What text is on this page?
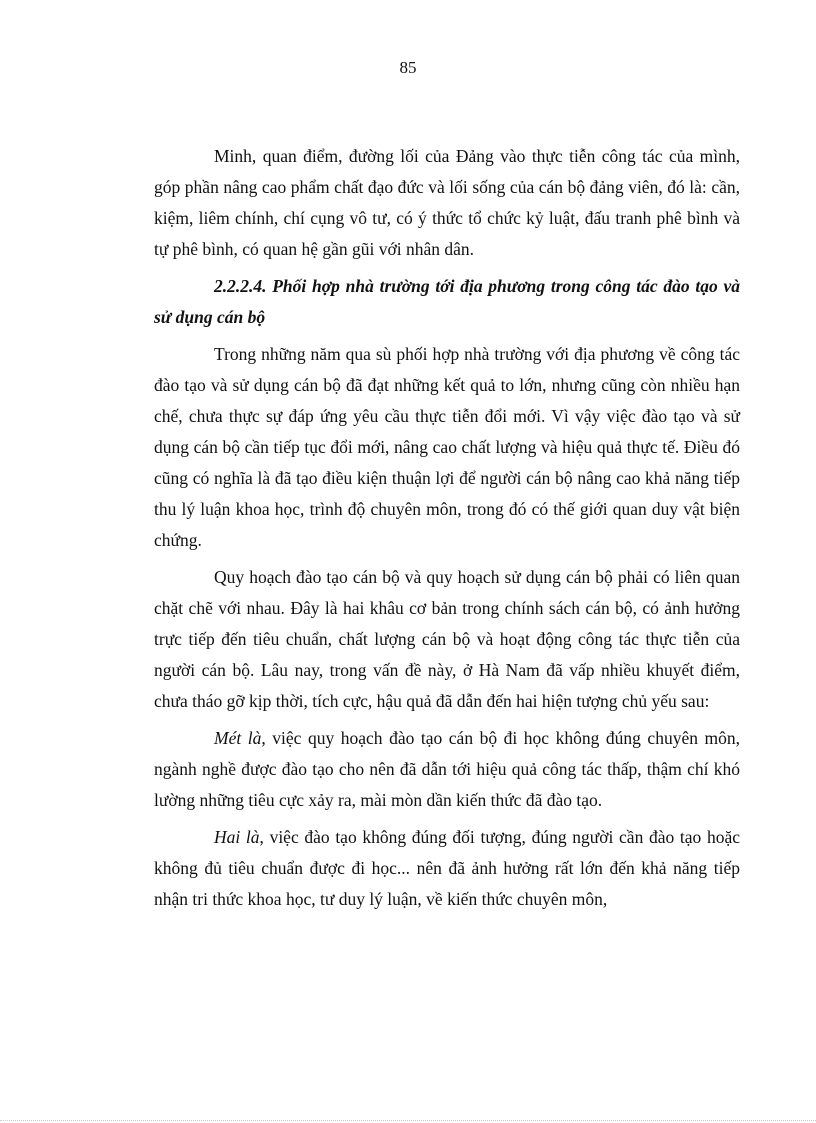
85

Minh, quan điểm, đường lối của Đảng vào thực tiễn công tác của mình, góp phần nâng cao phẩm chất đạo đức và lối sống của cán bộ đảng viên, đó là: cần, kiệm, liêm chính, chí cụng vô tư, có ý thức tổ chức kỷ luật, đấu tranh phê bình và tự phê bình, có quan hệ gần gũi với nhân dân.

2.2.2.4. Phối hợp nhà trường tới địa phương trong công tác đào tạo và sử dụng cán bộ

Trong những năm qua sù phối hợp nhà trường với địa phương về công tác đào tạo và sử dụng cán bộ đã đạt những kết quả to lớn, nhưng cũng còn nhiều hạn chế, chưa thực sự đáp ứng yêu cầu thực tiễn đổi mới. Vì vậy việc đào tạo và sử dụng cán bộ cần tiếp tục đổi mới, nâng cao chất lượng và hiệu quả thực tế. Điều đó cũng có nghĩa là đã tạo điều kiện thuận lợi để người cán bộ nâng cao khả năng tiếp thu lý luận khoa học, trình độ chuyên môn, trong đó có thế giới quan duy vật biện chứng.

Quy hoạch đào tạo cán bộ và quy hoạch sử dụng cán bộ phải có liên quan chặt chẽ với nhau. Đây là hai khâu cơ bản trong chính sách cán bộ, có ảnh hưởng trực tiếp đến tiêu chuẩn, chất lượng cán bộ và hoạt động công tác thực tiễn của người cán bộ. Lâu nay, trong vấn đề này, ở Hà Nam đã vấp nhiều khuyết điểm, chưa tháo gỡ kịp thời, tích cực, hậu quả đã dẫn đến hai hiện tượng chủ yếu sau:

Mét là, việc quy hoạch đào tạo cán bộ đi học không đúng chuyên môn, ngành nghề được đào tạo cho nên đã dẫn tới hiệu quả công tác thấp, thậm chí khó lường những tiêu cực xảy ra, mài mòn dần kiến thức đã đào tạo.

Hai là, việc đào tạo không đúng đối tượng, đúng người cần đào tạo hoặc không đủ tiêu chuẩn được đi học... nên đã ảnh hưởng rất lớn đến khả năng tiếp nhận tri thức khoa học, tư duy lý luận, về kiến thức chuyên môn,
